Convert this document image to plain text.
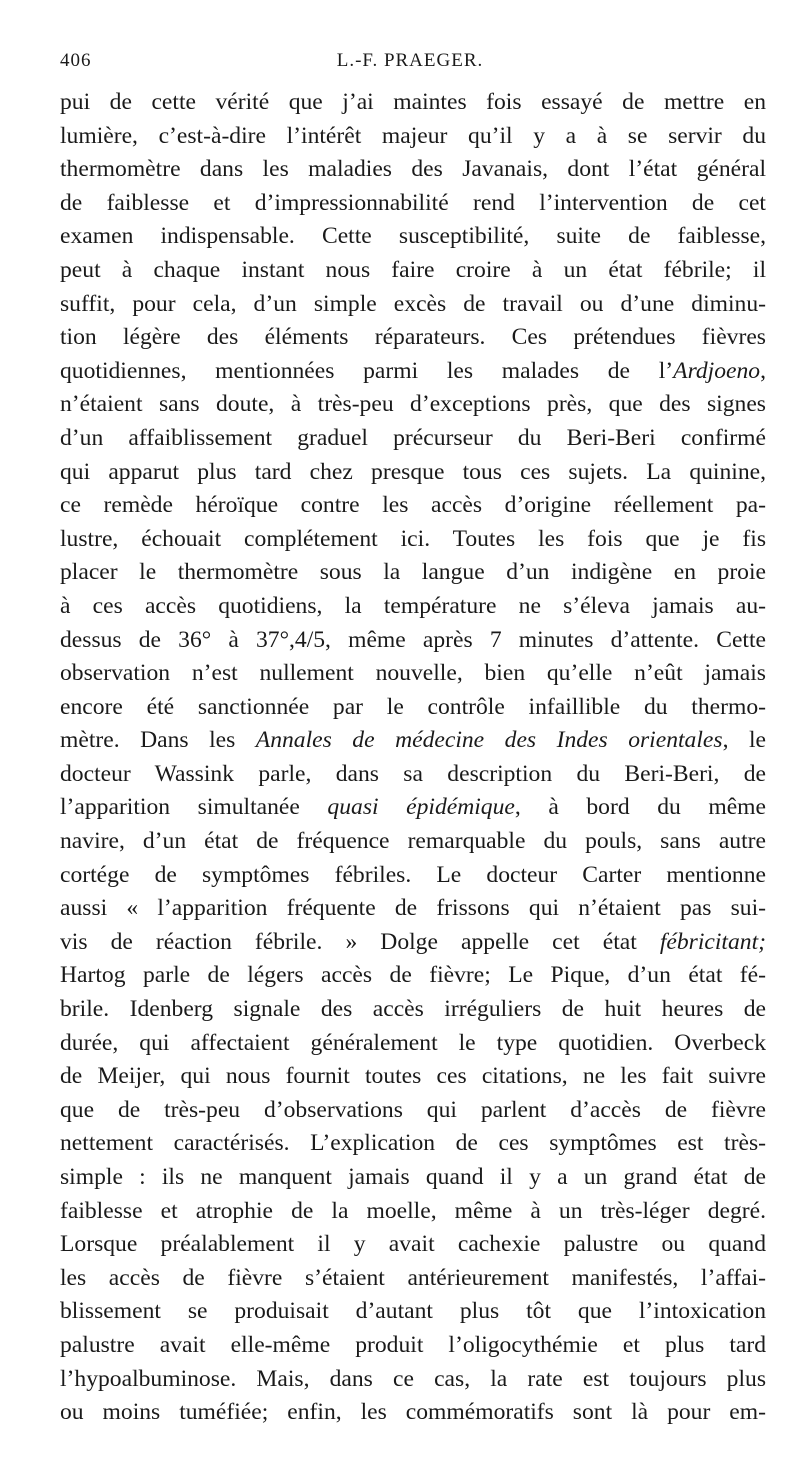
406	L.-F. PRAEGER.
pui de cette vérité que j’ai maintes fois essayé de mettre en
lumière, c’est-à-dire l’intérêt majeur qu’il y a à se servir du
thermomètre dans les maladies des Javanais, dont l’état général
de faiblesse et d’impressionnabilité rend l’intervention de cet
examen indispensable. Cette susceptibilité, suite de faiblesse,
peut à chaque instant nous faire croire à un état fébrile; il
suffit, pour cela, d’un simple excès de travail ou d’une diminu-
tion légère des éléments réparateurs. Ces prétendues fièvres
quotidiennes, mentionnées parmi les malades de l’Ardjoeno,
n’étaient sans doute, à très-peu d’exceptions près, que des signes
d’un affaiblissement graduel précurseur du Beri-Beri confirmé
qui apparut plus tard chez presque tous ces sujets. La quinine,
ce remède héroïque contre les accès d’origine réellement pa-
lustre, échouait complétement ici. Toutes les fois que je fis
placer le thermomètre sous la langue d’un indigène en proie
à ces accès quotidiens, la température ne s’éleva jamais au-
dessus de 36° à 37°,4/5, même après 7 minutes d’attente. Cette
observation n’est nullement nouvelle, bien qu’elle n’eût jamais
encore été sanctionnée par le contrôle infaillible du thermo-
mètre. Dans les Annales de médecine des Indes orientales, le
docteur Wassink parle, dans sa description du Beri-Beri, de
l’apparition simultanée quasi épidémique, à bord du même
navire, d’un état de fréquence remarquable du pouls, sans autre
cortége de symptômes fébriles. Le docteur Carter mentionne
aussi « l’apparition fréquente de frissons qui n’étaient pas sui-
vis de réaction fébrile. » Dolge appelle cet état fébricitant;
Hartog parle de légers accès de fièvre; Le Pique, d’un état fé-
brile. Idenberg signale des accès irréguliers de huit heures de
durée, qui affectaient généralement le type quotidien. Overbeck
de Meijer, qui nous fournit toutes ces citations, ne les fait suivre
que de très-peu d’observations qui parlent d’accès de fièvre
nettement caractérisés. L’explication de ces symptômes est très-
simple : ils ne manquent jamais quand il y a un grand état de
faiblesse et atrophie de la moelle, même à un très-léger degré.
Lorsque préalablement il y avait cachexie palustre ou quand
les accès de fièvre s’étaient antérieurement manifestés, l’affai-
blissement se produisait d’autant plus tôt que l’intoxication
palustre avait elle-même produit l’oligocythémie et plus tard
l’hypoalbuminose. Mais, dans ce cas, la rate est toujours plus
ou moins tuméfiée; enfin, les commémoratifs sont là pour em-
